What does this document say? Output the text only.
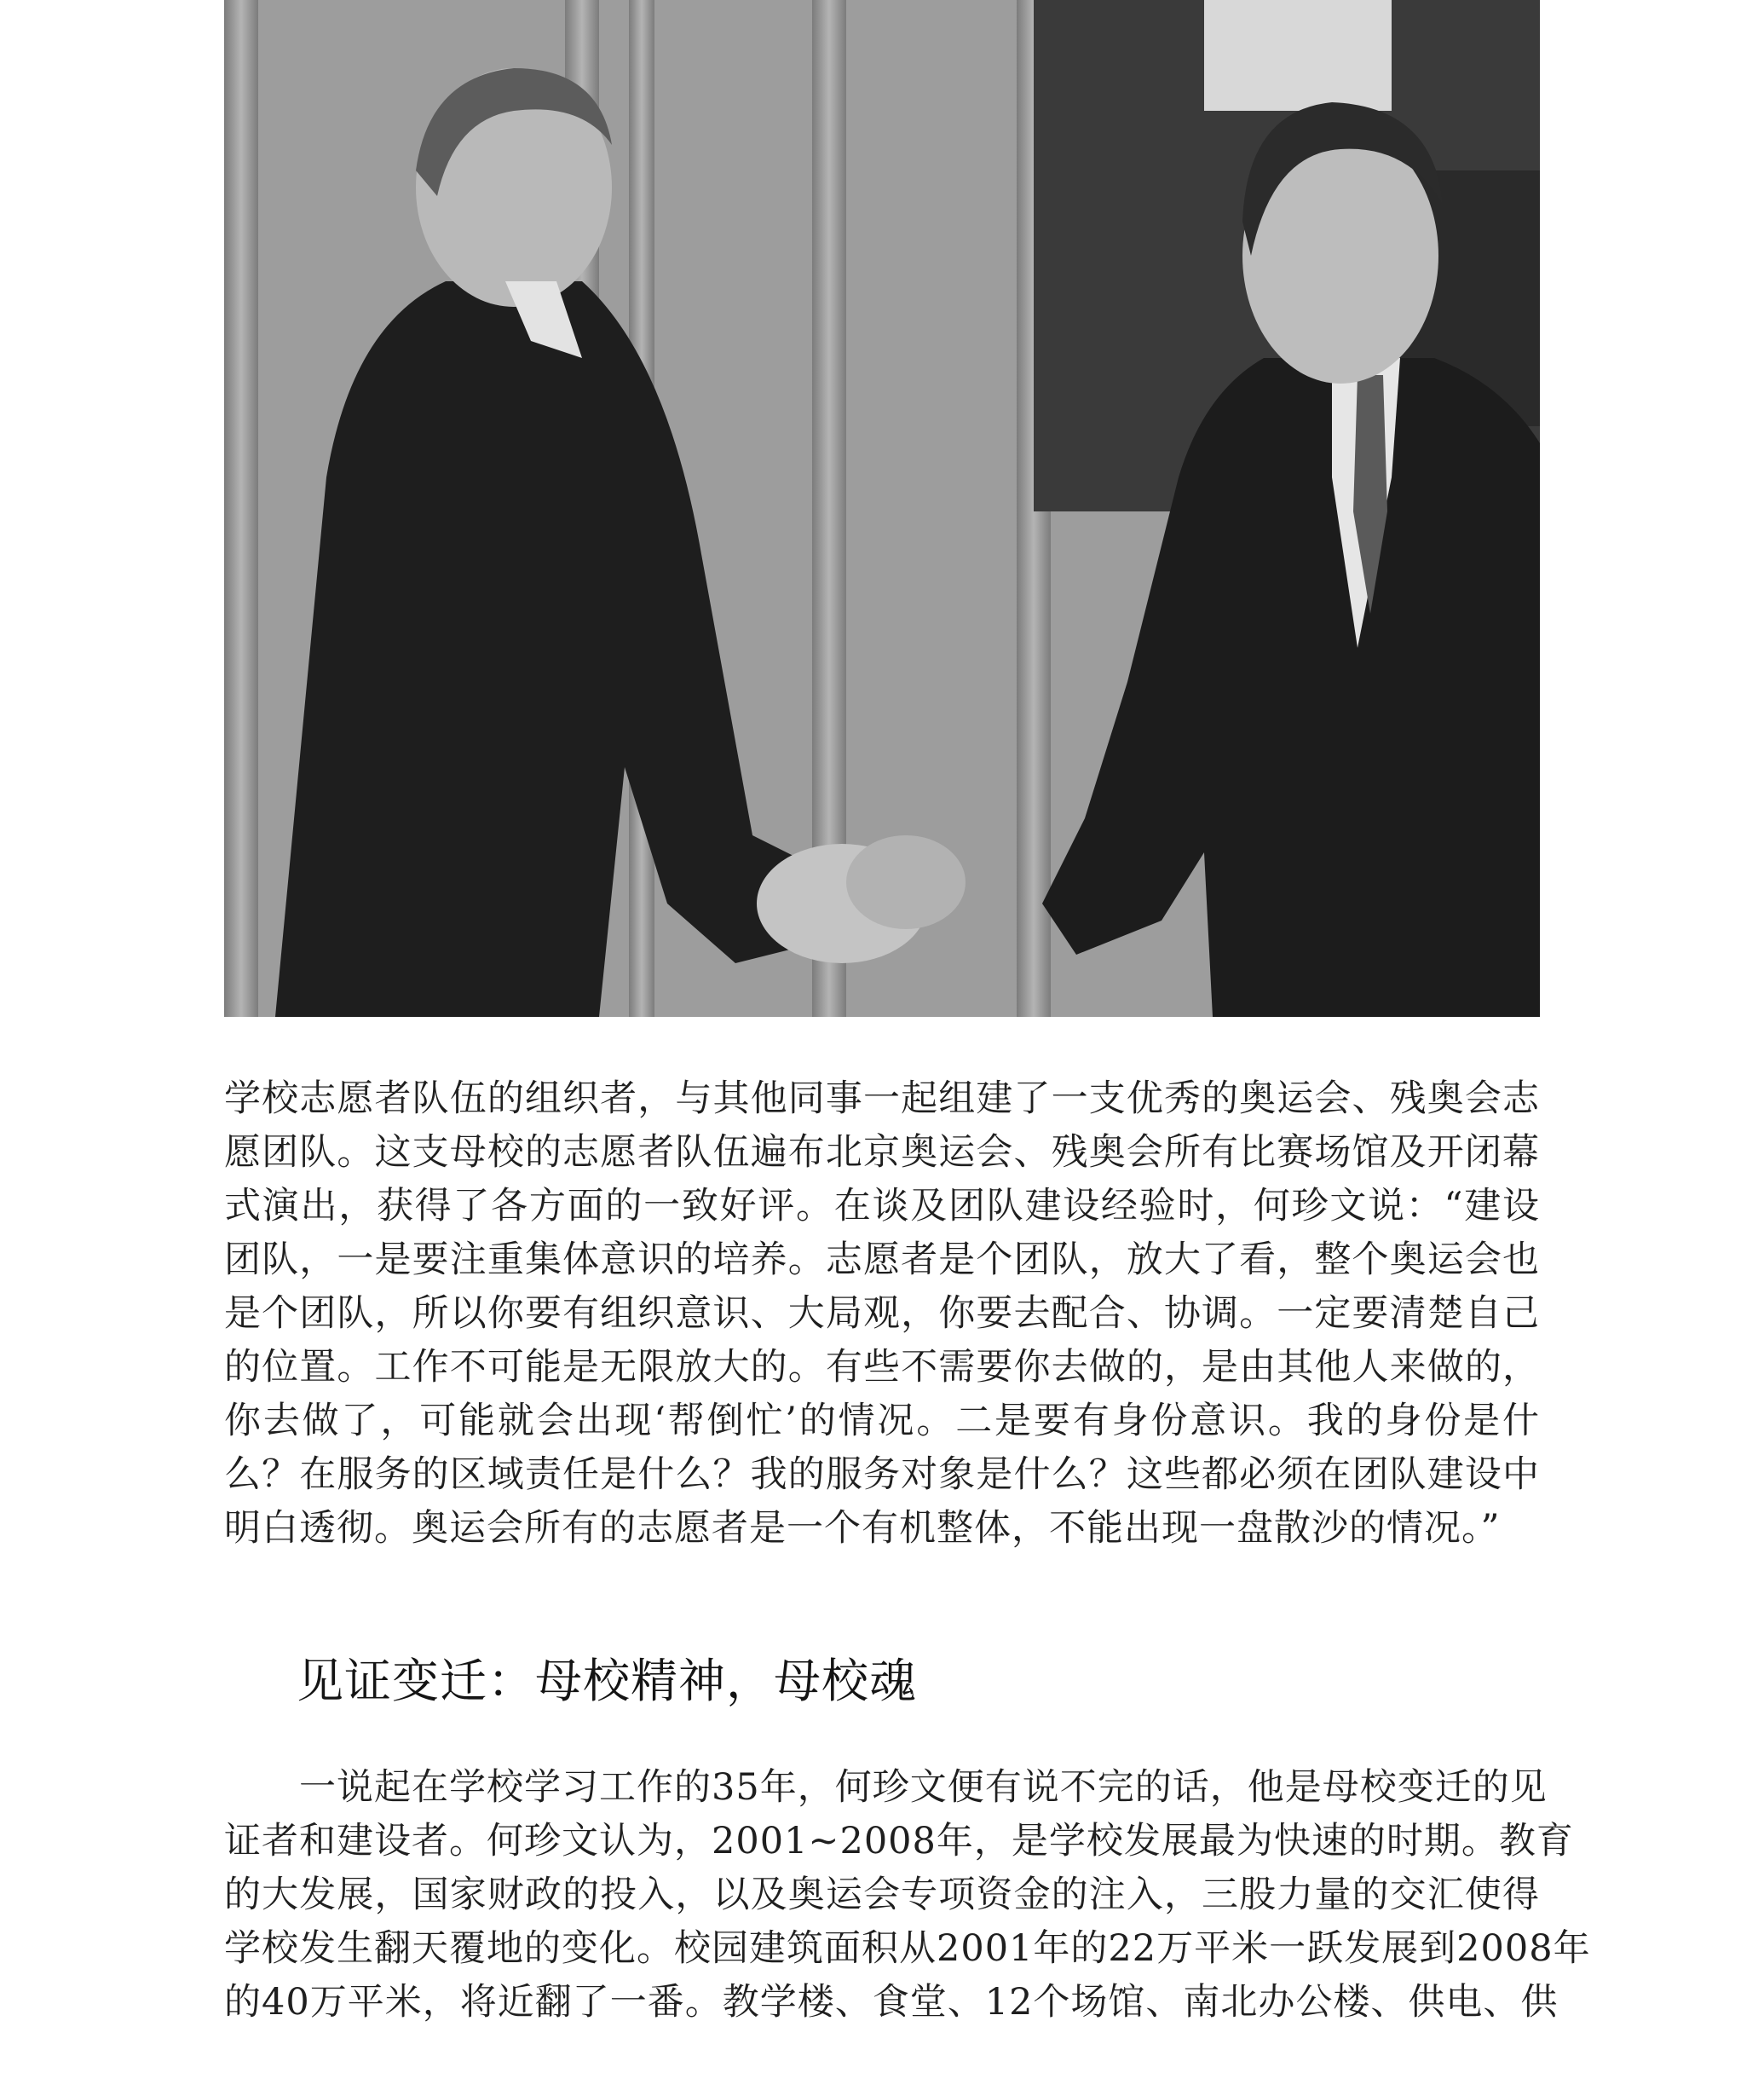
学校志愿者队伍的组织者，与其他同事一起组建了一支优秀的奥运会、残奥会志
愿团队。这支母校的志愿者队伍遍布北京奥运会、残奥会所有比赛场馆及开闭幕
式演出，获得了各方面的一致好评。在谈及团队建设经验时，何珍文说：“建设
团队，一是要注重集体意识的培养。志愿者是个团队，放大了看，整个奥运会也
是个团队，所以你要有组织意识、大局观，你要去配合、协调。一定要清楚自己
的位置。工作不可能是无限放大的。有些不需要你去做的，是由其他人来做的，
你去做了，可能就会出现‘帮倒忙’的情况。二是要有身份意识。我的身份是什
么？在服务的区域责任是什么？我的服务对象是什么？这些都必须在团队建设中
明白透彻。奥运会所有的志愿者是一个有机整体，不能出现一盘散沙的情况。”
见证变迁：母校精神，母校魂
　　一说起在学校学习工作的35年，何珍文便有说不完的话，他是母校变迁的见
证者和建设者。何珍文认为，2001~2008年，是学校发展最为快速的时期。教育
的大发展，国家财政的投入，以及奥运会专项资金的注入，三股力量的交汇使得
学校发生翻天覆地的变化。校园建筑面积从2001年的22万平米一跃发展到2008年
的40万平米，将近翻了一番。教学楼、食堂、12个场馆、南北办公楼、供电、供
